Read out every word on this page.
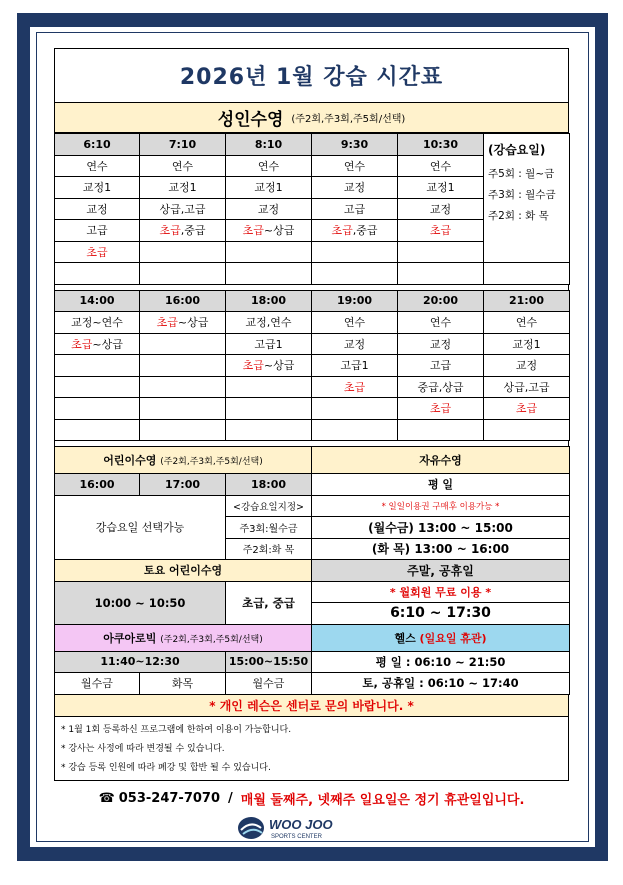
2026년 1월 강습 시간표
성인수영 (주2회,주3회,주5회/선택)
6:10	7:10	8:10	9:30	10:30	(강습요일)
주5회 : 월~금
주3회 : 월수금
주2회 : 화 목

연수	연수	연수	연수	연수	
교정1	교정1	교정1	교정	교정1	
교정	상급,고급	교정	고급	교정	
고급	초급,중급	초급~상급	초급,중급	초급	
초급					

14:00	16:00	18:00	19:00	20:00	21:00
교정~연수	초급~상급	교정,연수	연수	연수	연수
초급~상급		고급1	교정	교정	교정1
		초급~상급	고급1	고급	교정
			초급	중급,상급	상급,고급
				초급	초급

어린이수영 (주2회,주3회,주5회/선택)			자유수영
16:00	17:00	18:00	평 일
강습요일 선택가능		<강습요일지정>	* 일일이용권 구매후 이용가능 *
		주3회:월수금	(월수금) 13:00 ~ 15:00
		주2회:화 목	(화 목) 13:00 ~ 16:00
토요 어린이수영			주말, 공휴일
10:00 ~ 10:50		초급, 중급	* 월회원 무료 이용 *
			6:10 ~ 17:30
아쿠아로빅 (주2회,주3회,주5회/선택)			헬스 (일요일 휴관)
11:40~12:30		15:00~15:50	평 일 : 06:10 ~ 21:50
월수금	화목	월수금	토, 공휴일 : 06:10 ~ 17:40
* 개인 레슨은 센터로 문의 바랍니다. *
* 1월 1회 등록하신 프로그램에 한하여 이용이 가능합니다.
* 강사는 사정에 따라 변경될 수 있습니다.
* 강습 등록 인원에 따라 폐강 및 합반 될 수 있습니다.
☎ 053-247-7070 / 매월 둘째주, 넷째주 일요일은 정기 휴관일입니다.
WOO JOO
SPORTS CENTER
